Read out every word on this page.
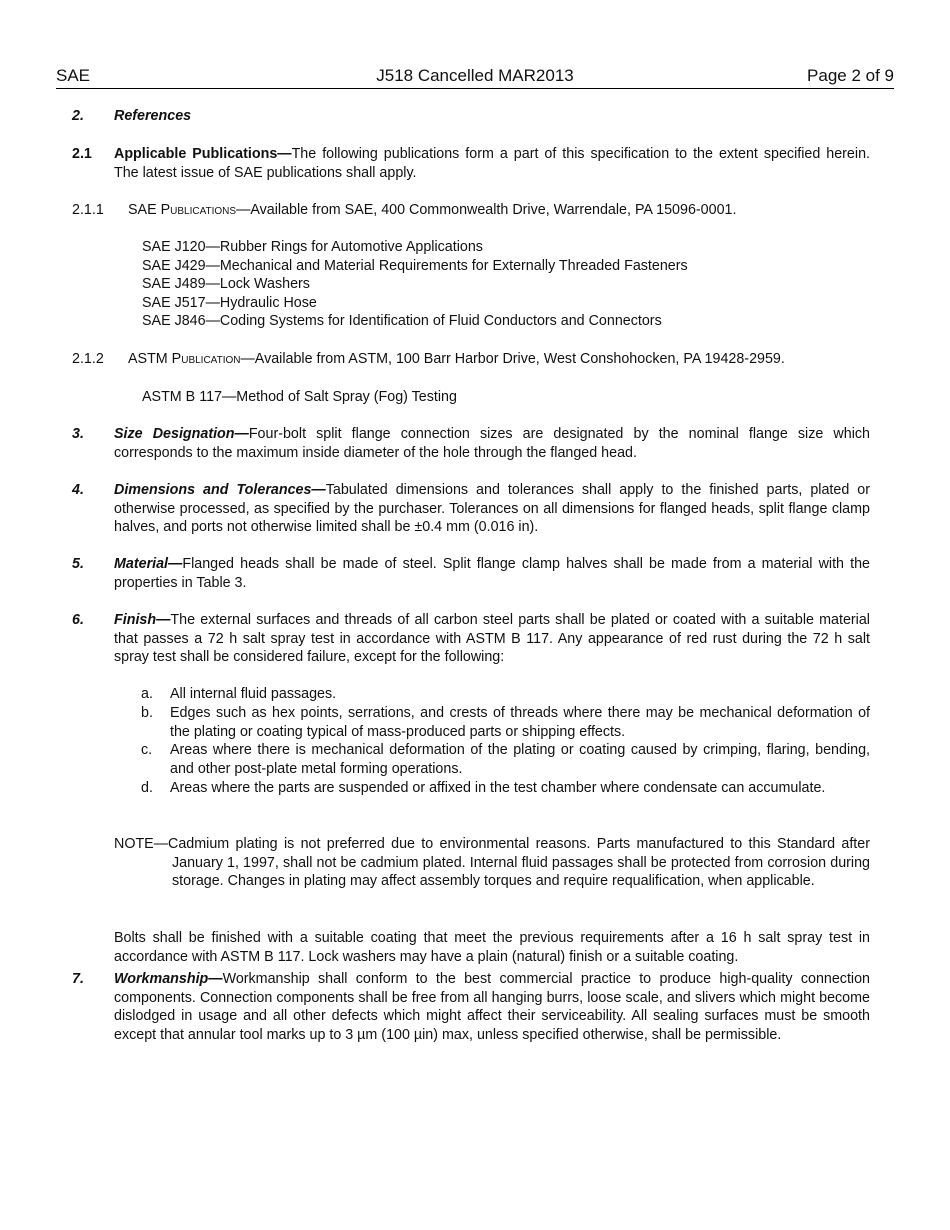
SAE	J518 Cancelled MAR2013	Page 2 of 9
2. References
2.1 Applicable Publications—The following publications form a part of this specification to the extent specified herein. The latest issue of SAE publications shall apply.
2.1.1 SAE Publications—Available from SAE, 400 Commonwealth Drive, Warrendale, PA 15096-0001.
SAE J120—Rubber Rings for Automotive Applications
SAE J429—Mechanical and Material Requirements for Externally Threaded Fasteners
SAE J489—Lock Washers
SAE J517—Hydraulic Hose
SAE J846—Coding Systems for Identification of Fluid Conductors and Connectors
2.1.2 ASTM Publication—Available from ASTM, 100 Barr Harbor Drive, West Conshohocken, PA 19428-2959.
ASTM B 117—Method of Salt Spray (Fog) Testing
3. Size Designation—Four-bolt split flange connection sizes are designated by the nominal flange size which corresponds to the maximum inside diameter of the hole through the flanged head.
4. Dimensions and Tolerances—Tabulated dimensions and tolerances shall apply to the finished parts, plated or otherwise processed, as specified by the purchaser. Tolerances on all dimensions for flanged heads, split flange clamp halves, and ports not otherwise limited shall be ±0.4 mm (0.016 in).
5. Material—Flanged heads shall be made of steel. Split flange clamp halves shall be made from a material with the properties in Table 3.
6. Finish—The external surfaces and threads of all carbon steel parts shall be plated or coated with a suitable material that passes a 72 h salt spray test in accordance with ASTM B 117. Any appearance of red rust during the 72 h salt spray test shall be considered failure, except for the following:
a. All internal fluid passages.
b. Edges such as hex points, serrations, and crests of threads where there may be mechanical deformation of the plating or coating typical of mass-produced parts or shipping effects.
c. Areas where there is mechanical deformation of the plating or coating caused by crimping, flaring, bending, and other post-plate metal forming operations.
d. Areas where the parts are suspended or affixed in the test chamber where condensate can accumulate.
NOTE—Cadmium plating is not preferred due to environmental reasons. Parts manufactured to this Standard after January 1, 1997, shall not be cadmium plated. Internal fluid passages shall be protected from corrosion during storage. Changes in plating may affect assembly torques and require requalification, when applicable.
Bolts shall be finished with a suitable coating that meet the previous requirements after a 16 h salt spray test in accordance with ASTM B 117. Lock washers may have a plain (natural) finish or a suitable coating.
7. Workmanship—Workmanship shall conform to the best commercial practice to produce high-quality connection components. Connection components shall be free from all hanging burrs, loose scale, and slivers which might become dislodged in usage and all other defects which might affect their serviceability. All sealing surfaces must be smooth except that annular tool marks up to 3 µm (100 µin) max, unless specified otherwise, shall be permissible.
